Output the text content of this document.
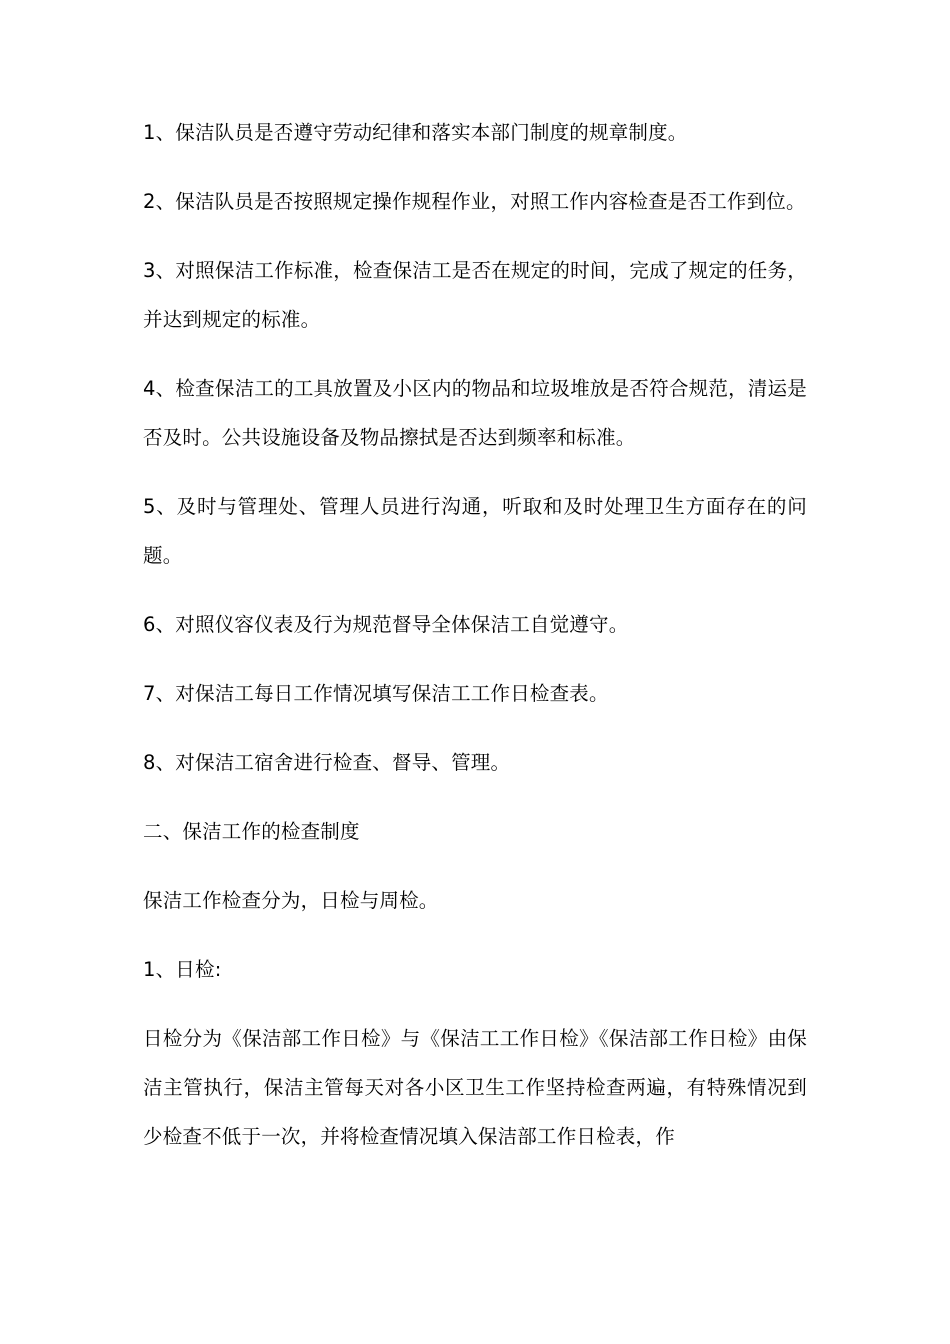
1、保洁队员是否遵守劳动纪律和落实本部门制度的规章制度。

2、保洁队员是否按照规定操作规程作业，对照工作内容检查是否工作到位。

3、对照保洁工作标准，检查保洁工是否在规定的时间，完成了规定的任务，并达到规定的标准。

4、检查保洁工的工具放置及小区内的物品和垃圾堆放是否符合规范，清运是否及时。公共设施设备及物品擦拭是否达到频率和标准。

5、及时与管理处、管理人员进行沟通，听取和及时处理卫生方面存在的问题。

6、对照仪容仪表及行为规范督导全体保洁工自觉遵守。

7、对保洁工每日工作情况填写保洁工工作日检查表。

8、对保洁工宿舍进行检查、督导、管理。

二、保洁工作的检查制度

保洁工作检查分为，日检与周检。

1、日检:

日检分为《保洁部工作日检》与《保洁工工作日检》《保洁部工作日检》由保洁主管执行，保洁主管每天对各小区卫生工作坚持检查两遍，有特殊情况到少检查不低于一次，并将检查情况填入保洁部工作日检表，作
